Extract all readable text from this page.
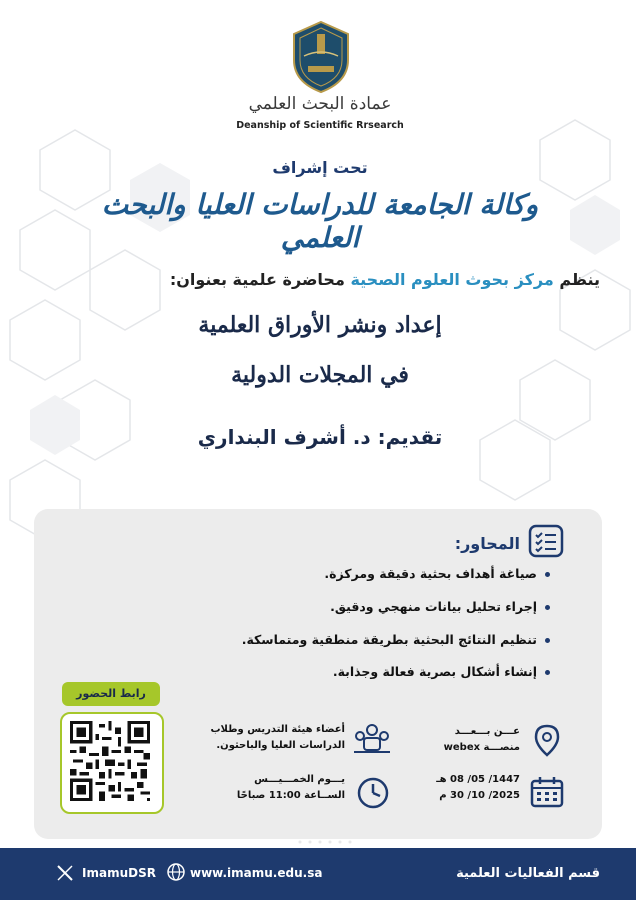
عمادة البحث العلمي
Deanship of Scientific Rrsearch
تحت إشراف
وكالة الجامعة للدراسات العليا والبحث العلمي
ينظم مركز بحوث العلوم الصحية محاضرة علمية بعنوان:
إعداد ونشر الأوراق العلمية
في المجلات الدولية
تقديم: د. أشرف البنداري
المحاور:
صياغة أهداف بحثية دقيقة ومركزة.
إجراء تحليل بيانات منهجي ودقيق.
تنظيم النتائج البحثية بطريقة منطقية ومتماسكة.
إنشاء أشكال بصرية فعالة وجذابة.
رابط الحضور
أعضاء هيئة التدريس وطلاب
الدراسات العليا والباحثون.
يـــوم الخمـــيـــس
الســاعة 11:00 صباحًا
عـــن بـــعـــد
منصـــة webex
1447/ 05/ 08 هـ
2025/ 10/ 30 م
قسم الفعاليات العلمية
www.imamu.edu.sa
ImamuDSR
